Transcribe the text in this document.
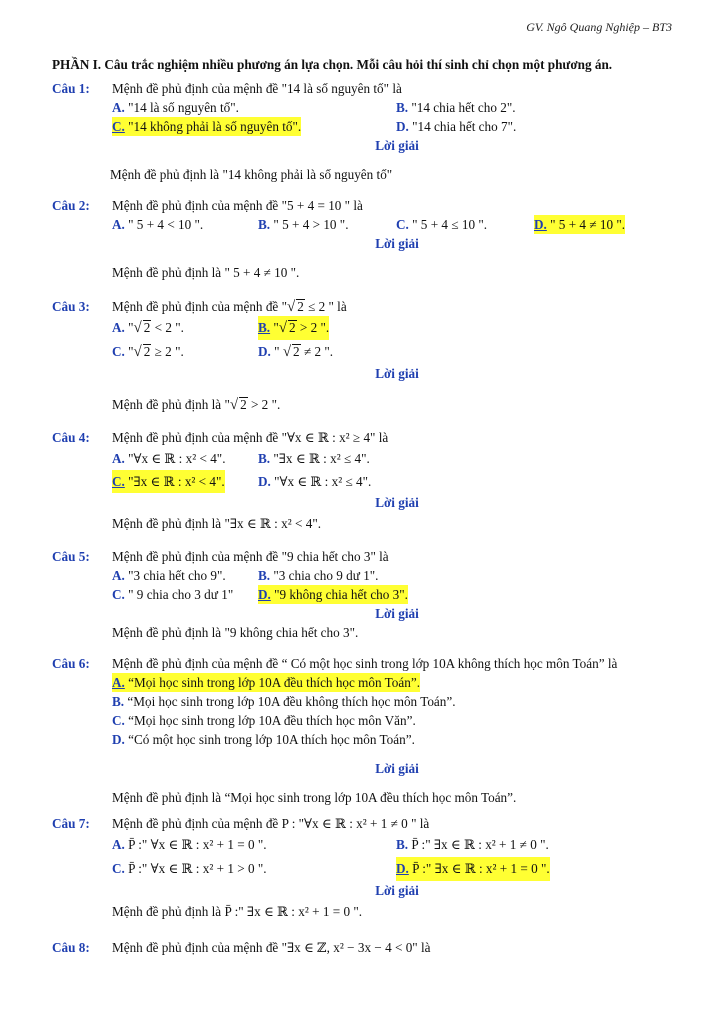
GV. Ngô Quang Nghiệp – BT3
PHẦN I. Câu trắc nghiệm nhiều phương án lựa chọn. Mỗi câu hỏi thí sinh chỉ chọn một phương án.
Câu 1: Mệnh đề phủ định của mệnh đề "14 là số nguyên tố" là
A. "14 là số nguyên tố".	B. "14 chia hết cho 2".
C. "14 không phải là số nguyên tố".	D. "14 chia hết cho 7".
Lời giải
Mệnh đề phủ định là "14 không phải là số nguyên tố"
Câu 2: Mệnh đề phủ định của mệnh đề "5 + 4 = 10 " là
A. " 5 + 4 < 10 ".	B. " 5 + 4 > 10 ".	C. " 5 + 4 ≤ 10 ".	D. " 5 + 4 ≠ 10 ".
Lời giải
Mệnh đề phủ định là " 5 + 4 ≠ 10 ".
Câu 3: Mệnh đề phủ định của mệnh đề "√ 2 ≤ 2 " là
A. "√ 2 < 2 ".	B. "√ 2 > 2 ".
C. "√ 2 ≥ 2 ".	D. " √ 2 ≠ 2 ".
Lời giải
Mệnh đề phủ định là "√ 2 > 2 ".
Câu 4: Mệnh đề phủ định của mệnh đề "∀x ∈ ℝ : x² ≥ 4" là
A. "∀x ∈ ℝ : x² < 4". B. "∃x ∈ ℝ : x² ≤ 4".
C. "∃x ∈ ℝ : x² < 4".	D. "∀x ∈ ℝ : x² ≤ 4".
Lời giải
Mệnh đề phủ định là "∃x ∈ ℝ : x² < 4".
Câu 5: Mệnh đề phủ định của mệnh đề "9 chia hết cho 3" là
A. "3 chia hết cho 9". B. "3 chia cho 9 dư 1".
C. " 9 chia cho 3 dư 1" D. "9 không chia hết cho 3".
Lời giải
Mệnh đề phủ định là "9 không chia hết cho 3".
Câu 6: Mệnh đề phủ định của mệnh đề “ Có một học sinh trong lớp 10A không thích học môn Toán” là
A. “Mọi học sinh trong lớp 10A đều thích học môn Toán”.
B. “Mọi học sinh trong lớp 10A đều không thích học môn Toán”.
C. “Mọi học sinh trong lớp 10A đều thích học môn Văn”.
D. “Có một học sinh trong lớp 10A thích học môn Toán”.
Lời giải
Mệnh đề phủ định là “Mọi học sinh trong lớp 10A đều thích học môn Toán”.
Câu 7: Mệnh đề phủ định của mệnh đề P : "∀x ∈ ℝ : x² + 1 ≠ 0 " là
A. P̄ :" ∀x ∈ ℝ : x² + 1 = 0 ".	B. P̄ :" ∃x ∈ ℝ : x² + 1 ≠ 0 ".
C. P̄ :" ∀x ∈ ℝ : x² + 1 > 0 ".	D. P̄ :" ∃x ∈ ℝ : x² + 1 = 0 ".
Lời giải
Mệnh đề phủ định là P̄ :" ∃x ∈ ℝ : x² + 1 = 0 ".
Câu 8: Mệnh đề phủ định của mệnh đề "∃x ∈ ℤ, x² − 3x − 4 < 0" là
